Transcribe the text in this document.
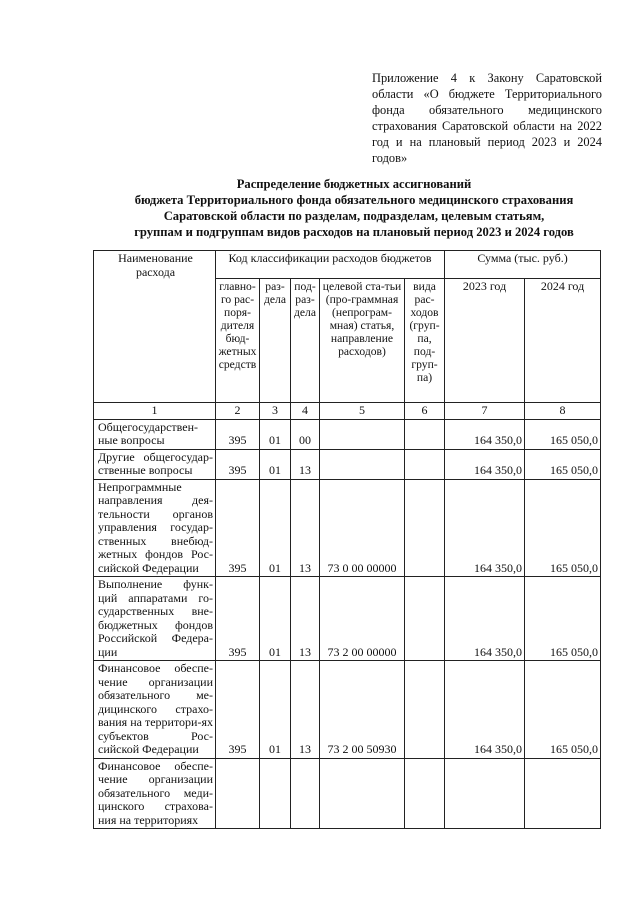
Приложение 4 к Закону Саратовской области «О бюджете Территориального фонда обязательного медицинского страхования Саратовской области на 2022 год и на плановый период 2023 и 2024 годов»
Распределение бюджетных ассигнований
бюджета Территориального фонда обязательного медицинского страхования
Саратовской области по разделам, подразделам, целевым статьям,
группам и подгруппам видов расходов на плановый период 2023 и 2024 годов
Наименование расхода	Код классификации расходов бюджетов					Сумма (тыс. руб.)	
	главно-го рас-поря-дителя бюд-жетных средств	раз-дела	под-раз-дела	целевой ста-тьи (про-граммная (непрограм-мная) статья, направление расходов)	вида рас-ходов (груп-па, под-груп-па)	2023 год	2024 год
1	2	3	4	5	6	7	8
Общегосударствен-ные вопросы	395	01	00			164 350,0	165 050,0
Другие общегосудар-ственные вопросы	395	01	13			164 350,0	165 050,0
Непрограммные направления дея-тельности органов управления государ-ственных внебюд-жетных фондов Рос-сийской Федерации	395	01	13	73 0 00 00000		164 350,0	165 050,0
Выполнение функ-ций аппаратами го-сударственных вне-бюджетных фондов Российской Федера-ции	395	01	13	73 2 00 00000		164 350,0	165 050,0
Финансовое обеспе-чение организации обязательного ме-дицинского страхо-вания на территори-ях субъектов Рос-сийской Федерации	395	01	13	73 2 00 50930		164 350,0	165 050,0
Финансовое обеспе-чение организации обязательного меди-цинского страхова-ния на территориях							
